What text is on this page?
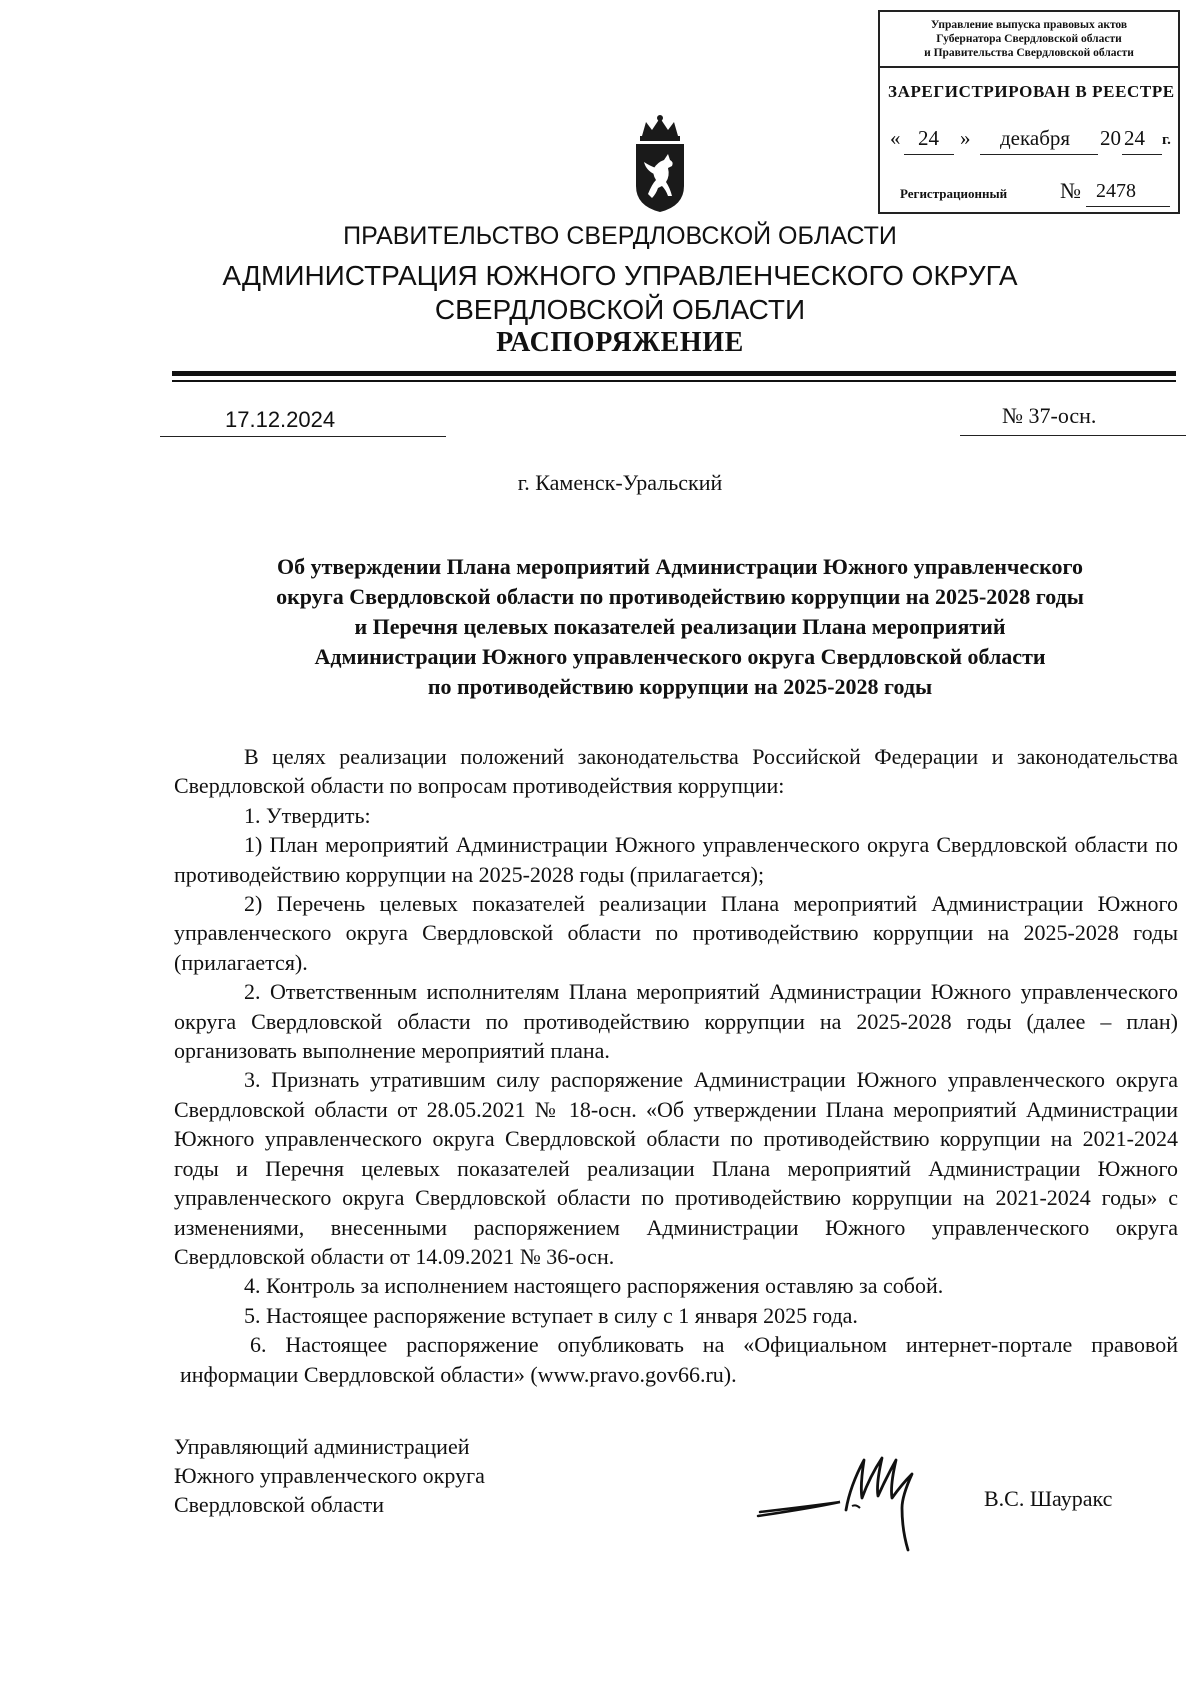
Управление выпуска правовых актов
Губернатора Свердловской области
и Правительства Свердловской области
ЗАРЕГИСТРИРОВАН В РЕЕСТРЕ
« 24 » декабря 20 24 г.
Регистрационный № 2478
ПРАВИТЕЛЬСТВО СВЕРДЛОВСКОЙ ОБЛАСТИ
АДМИНИСТРАЦИЯ ЮЖНОГО УПРАВЛЕНЧЕСКОГО ОКРУГА
СВЕРДЛОВСКОЙ ОБЛАСТИ
РАСПОРЯЖЕНИЕ
17.12.2024	№ 37-осн.
г. Каменск-Уральский
Об утверждении Плана мероприятий Администрации Южного управленческого
округа Свердловской области по противодействию коррупции на 2025-2028 годы
и Перечня целевых показателей реализации Плана мероприятий
Администрации Южного управленческого округа Свердловской области
по противодействию коррупции на 2025-2028 годы

В целях реализации положений законодательства Российской Федерации и законодательства Свердловской области по вопросам противодействия коррупции:

1. Утвердить:

1) План мероприятий Администрации Южного управленческого округа Свердловской области по противодействию коррупции на 2025-2028 годы (прилагается);

2) Перечень целевых показателей реализации Плана мероприятий Администрации Южного управленческого округа Свердловской области по противодействию коррупции на 2025-2028 годы (прилагается).

2. Ответственным исполнителям Плана мероприятий Администрации Южного управленческого округа Свердловской области по противодействию коррупции на 2025-2028 годы (далее – план) организовать выполнение мероприятий плана.

3. Признать утратившим силу распоряжение Администрации Южного управленческого округа Свердловской области от 28.05.2021 № 18-осн. «Об утверждении Плана мероприятий Администрации Южного управленческого округа Свердловской области по противодействию коррупции на 2021-2024 годы и Перечня целевых показателей реализации Плана мероприятий Администрации Южного управленческого округа Свердловской области по противодействию коррупции на 2021-2024 годы» с изменениями, внесенными распоряжением Администрации Южного управленческого округа Свердловской области от 14.09.2021 № 36-осн.

4. Контроль за исполнением настоящего распоряжения оставляю за собой.

5. Настоящее распоряжение вступает в силу с 1 января 2025 года.

6. Настоящее распоряжение опубликовать на «Официальном интернет-портале правовой информации Свердловской области» (www.pravo.gov66.ru).

Управляющий администрацией
Южного управленческого округа
Свердловской области	В.С. Шауракс
